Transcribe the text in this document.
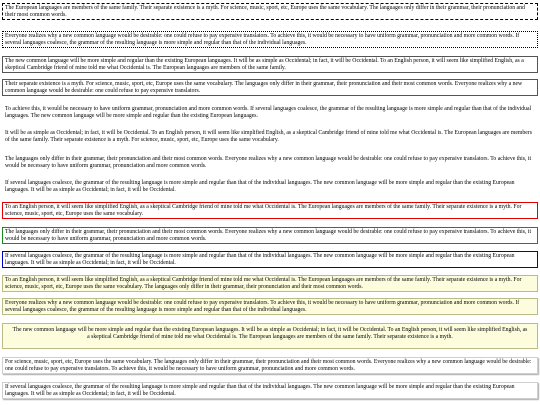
The European languages are members of the same family. Their separate existence is a myth. For science, music, sport, etc, Europe uses the same vocabulary. The languages only differ in their grammar, their pronunciation and their most common words.
Everyone realizes why a new common language would be desirable: one could refuse to pay expensive translators. To achieve this, it would be necessary to have uniform grammar, pronunciation and more common words. If several languages coalesce, the grammar of the resulting language is more simple and regular than that of the individual languages.
The new common language will be more simple and regular than the existing European languages. It will be as simple as Occidental; in fact, it will be Occidental. To an English person, it will seem like simplified English, as a skeptical Cambridge friend of mine told me what Occidental is. The European languages are members of the same family.
Their separate existence is a myth. For science, music, sport, etc, Europe uses the same vocabulary. The languages only differ in their grammar, their pronunciation and their most common words. Everyone realizes why a new common language would be desirable: one could refuse to pay expensive translators.
To achieve this, it would be necessary to have uniform grammar, pronunciation and more common words. If several languages coalesce, the grammar of the resulting language is more simple and regular than that of the individual languages. The new common language will be more simple and regular than the existing European languages.
It will be as simple as Occidental; in fact, it will be Occidental. To an English person, it will seem like simplified English, as a skeptical Cambridge friend of mine told me what Occidental is. The European languages are members of the same family. Their separate existence is a myth. For science, music, sport, etc, Europe uses the same vocabulary.
The languages only differ in their grammar, their pronunciation and their most common words. Everyone realizes why a new common language would be desirable: one could refuse to pay expensive translators. To achieve this, it would be necessary to have uniform grammar, pronunciation and more common words.
If several languages coalesce, the grammar of the resulting language is more simple and regular than that of the individual languages. The new common language will be more simple and regular than the existing European languages. It will be as simple as Occidental; in fact, it will be Occidental.
To an English person, it will seem like simplified English, as a skeptical Cambridge friend of mine told me what Occidental is. The European languages are members of the same family. Their separate existence is a myth. For science, music, sport, etc, Europe uses the same vocabulary.
The languages only differ in their grammar, their pronunciation and their most common words. Everyone realizes why a new common language would be desirable: one could refuse to pay expensive translators. To achieve this, it would be necessary to have uniform grammar, pronunciation and more common words.
If several languages coalesce, the grammar of the resulting language is more simple and regular than that of the individual languages. The new common language will be more simple and regular than the existing European languages. It will be as simple as Occidental; in fact, it will be Occidental.
To an English person, it will seem like simplified English, as a skeptical Cambridge friend of mine told me what Occidental is. The European languages are members of the same family. Their separate existence is a myth. For science, music, sport, etc, Europe uses the same vocabulary. The languages only differ in their grammar, their pronunciation and their most common words.
Everyone realizes why a new common language would be desirable: one could refuse to pay expensive translators. To achieve this, it would be necessary to have uniform grammar, pronunciation and more common words. If several languages coalesce, the grammar of the resulting language is more simple and regular than that of the individual languages.
The new common language will be more simple and regular than the existing European languages. It will be as simple as Occidental; in fact, it will be Occidental. To an English person, it will seem like simplified English, as a skeptical Cambridge friend of mine told me what Occidental is. The European languages are members of the same family. Their separate existence is a myth.
For science, music, sport, etc, Europe uses the same vocabulary. The languages only differ in their grammar, their pronunciation and their most common words. Everyone realizes why a new common language would be desirable: one could refuse to pay expensive translators. To achieve this, it would be necessary to have uniform grammar, pronunciation and more common words.
If several languages coalesce, the grammar of the resulting language is more simple and regular than that of the individual languages. The new common language will be more simple and regular than the existing European languages. It will be as simple as Occidental; in fact, it will be Occidental.
